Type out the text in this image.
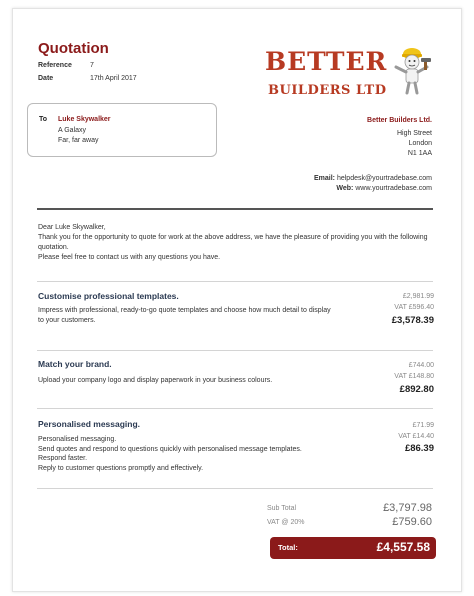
Quotation
Reference	7
Date	17th April 2017
BETTER
BUILDERS LTD
To Luke Skywalker
A Galaxy
Far, far away
Better Builders Ltd.
High Street
London
N1 1AA
Email: helpdesk@yourtradebase.com
Web: www.yourtradebase.com
Dear Luke Skywalker,
Thank you for the opportunity to quote for work at the above address, we have the pleasure of providing you with the following quotation.
Please feel free to contact us with any questions you have.
Customise professional templates.
Impress with professional, ready-to-go quote templates and choose how much detail to display to your customers.
£2,981.99
VAT £596.40
£3,578.39
Match your brand.
Upload your company logo and display paperwork in your business colours.
£744.00
VAT £148.80
£892.80
Personalised messaging.
Personalised messaging.
Send quotes and respond to questions quickly with personalised message templates.
Respond faster.
Reply to customer questions promptly and effectively.
£71.99
VAT £14.40
£86.39
Sub Total	£3,797.98
VAT @ 20%	£759.60
Total:	£4,557.58
